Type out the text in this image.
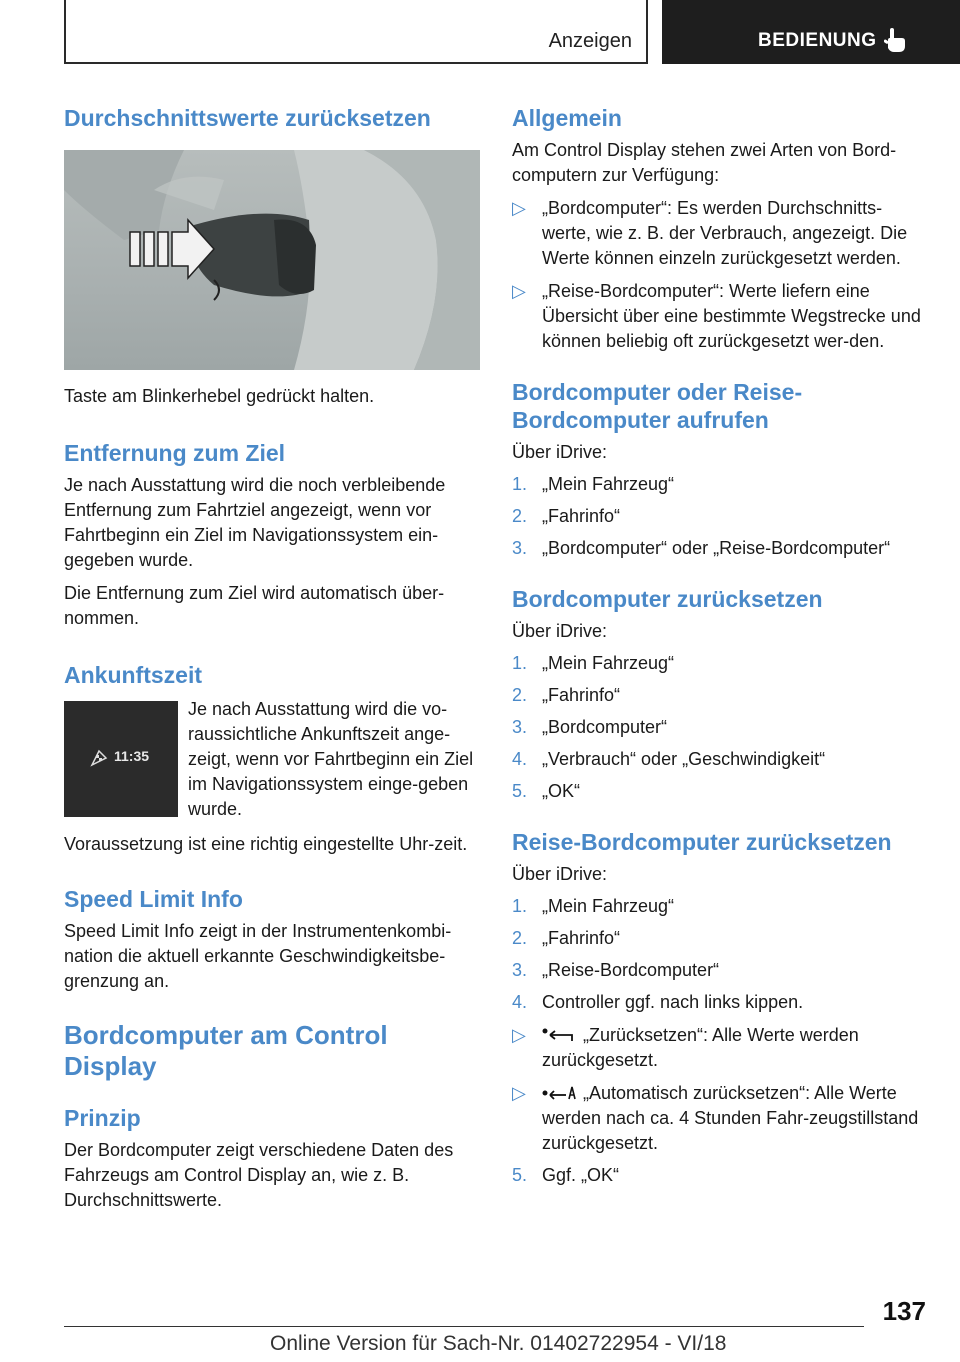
Anzeigen	BEDIENUNG
Durchschnittswerte zurücksetzen

Taste am Blinkerhebel gedrückt halten.

Entfernung zum Ziel

Je nach Ausstattung wird die noch verbleibende Entfernung zum Fahrtziel angezeigt, wenn vor Fahrtbeginn ein Ziel im Navigationssystem ein-gegeben wurde.

Die Entfernung zum Ziel wird automatisch über-nommen.

Ankunftszeit
11:35

Je nach Ausstattung wird die vo-raussichtliche Ankunftszeit ange-zeigt, wenn vor Fahrtbeginn ein Ziel im Navigationssystem einge-geben wurde.

Voraussetzung ist eine richtig eingestellte Uhr-zeit.

Speed Limit Info

Speed Limit Info zeigt in der Instrumentenkombi-nation die aktuell erkannte Geschwindigkeitsbe-grenzung an.

Bordcomputer am Control Display
Prinzip

Der Bordcomputer zeigt verschiedene Daten des Fahrzeugs am Control Display an, wie z. B. Durchschnittswerte.

Allgemein

Am Control Display stehen zwei Arten von Bord-computern zur Verfügung:

▷ „Bordcomputer“: Es werden Durchschnitts-werte, wie z. B. der Verbrauch, angezeigt. Die Werte können einzeln zurückgesetzt werden.
▷ „Reise-Bordcomputer“: Werte liefern eine Übersicht über eine bestimmte Wegstrecke und können beliebig oft zurückgesetzt wer-den.
Bordcomputer oder Reise-Bordcomputer aufrufen

Über iDrive:

1. „Mein Fahrzeug“
2. „Fahrinfo“
3. „Bordcomputer“ oder „Reise-Bordcomputer“
Bordcomputer zurücksetzen

Über iDrive:

1. „Mein Fahrzeug“
2. „Fahrinfo“
3. „Bordcomputer“
4. „Verbrauch“ oder „Geschwindigkeit“
5. „OK“
Reise-Bordcomputer zurücksetzen

Über iDrive:

1. „Mein Fahrzeug“
2. „Fahrinfo“
3. „Reise-Bordcomputer“
4. Controller ggf. nach links kippen.
▷	„Zurücksetzen“: Alle Werte werden zurückgesetzt.
▷	„Automatisch zurücksetzen“: Alle Werte werden nach ca. 4 Stunden Fahr-zeugstillstand zurückgesetzt.
5. Ggf. „OK“
137
Online Version für Sach-Nr. 01402722954 - VI/18
